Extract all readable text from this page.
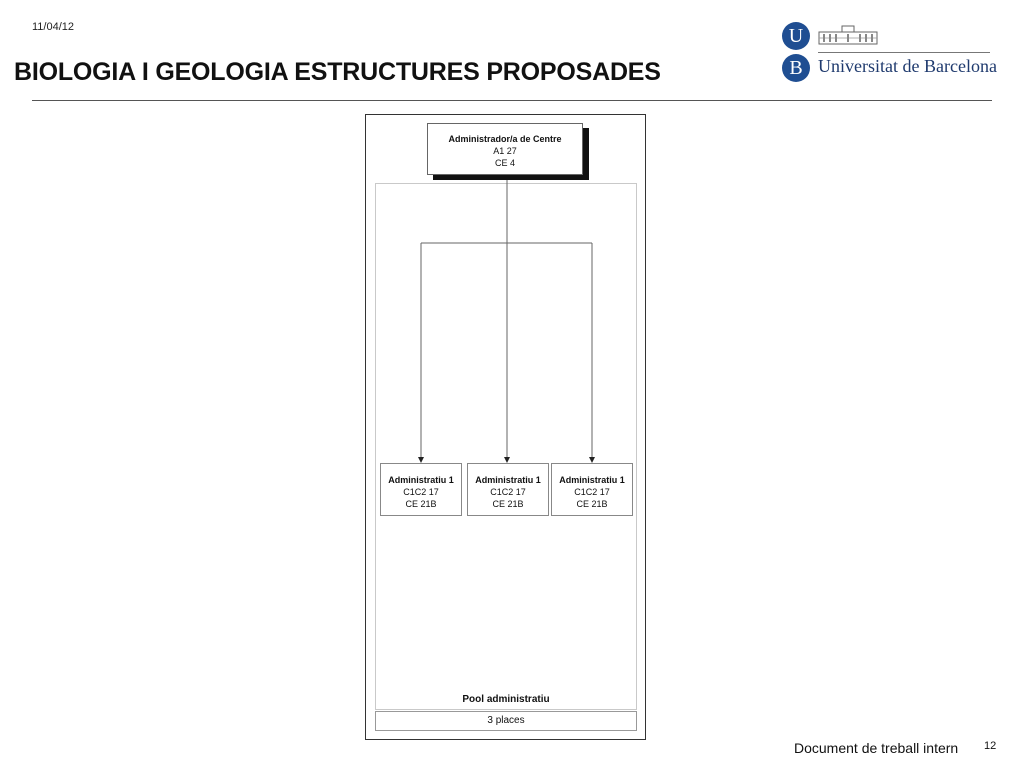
11/04/12
BIOLOGIA I GEOLOGIA ESTRUCTURES PROPOSADES
U
B Universitat de Barcelona
Administrador/a de Centre
A1 27
CE 4
Administratiu 1
C1C2 17
CE 21B
Administratiu 1
C1C2 17
CE 21B
Administratiu 1
C1C2 17
CE 21B
Pool administratiu
3 places
Document de treball intern 12
